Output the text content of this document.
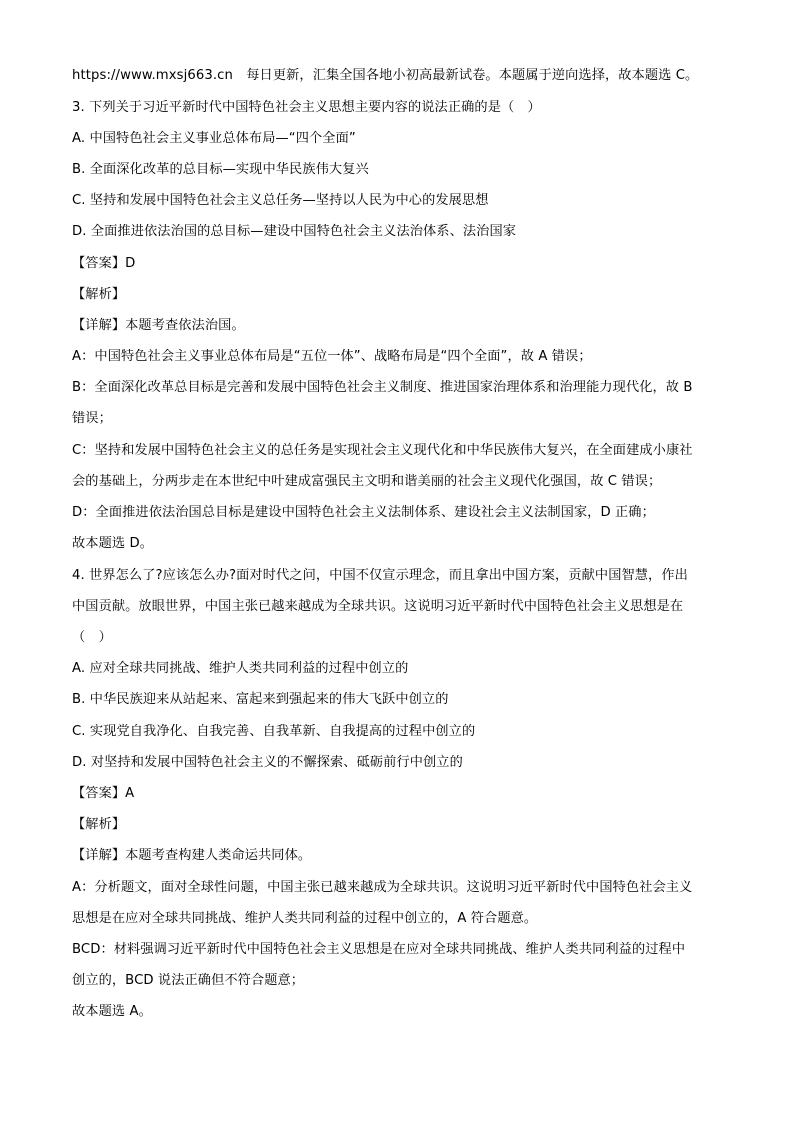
https://www.mxsj663.cn　每日更新，汇集全国各地小初高最新试卷。本题属于逆向选择，故本题选 C。

3. 下列关于习近平新时代中国特色社会主义思想主要内容的说法正确的是（　）

A. 中国特色社会主义事业总体布局—“四个全面”

B. 全面深化改革的总目标—实现中华民族伟大复兴

C. 坚持和发展中国特色社会主义总任务—坚持以人民为中心的发展思想

D. 全面推进依法治国的总目标—建设中国特色社会主义法治体系、法治国家

【答案】D

【解析】

【详解】本题考查依法治国。

A：中国特色社会主义事业总体布局是“五位一体”、战略布局是“四个全面”，故 A 错误；

B：全面深化改革总目标是完善和发展中国特色社会主义制度、推进国家治理体系和治理能力现代化，故 B

错误；

C：坚持和发展中国特色社会主义的总任务是实现社会主义现代化和中华民族伟大复兴，在全面建成小康社

会的基础上，分两步走在本世纪中叶建成富强民主文明和谐美丽的社会主义现代化强国，故 C 错误；

D：全面推进依法治国总目标是建设中国特色社会主义法制体系、建设社会主义法制国家，D 正确；

故本题选 D。

4. 世界怎么了?应该怎么办?面对时代之问，中国不仅宣示理念，而且拿出中国方案，贡献中国智慧，作出

中国贡献。放眼世界，中国主张已越来越成为全球共识。这说明习近平新时代中国特色社会主义思想是在

（　）

A. 应对全球共同挑战、维护人类共同利益的过程中创立的

B. 中华民族迎来从站起来、富起来到强起来的伟大飞跃中创立的

C. 实现党自我净化、自我完善、自我革新、自我提高的过程中创立的

D. 对坚持和发展中国特色社会主义的不懈探索、砥砺前行中创立的

【答案】A

【解析】

【详解】本题考查构建人类命运共同体。

A：分析题文，面对全球性问题，中国主张已越来越成为全球共识。这说明习近平新时代中国特色社会主义

思想是在应对全球共同挑战、维护人类共同利益的过程中创立的，A 符合题意。

BCD：材料强调习近平新时代中国特色社会主义思想是在应对全球共同挑战、维护人类共同利益的过程中

创立的，BCD 说法正确但不符合题意；

故本题选 A。
